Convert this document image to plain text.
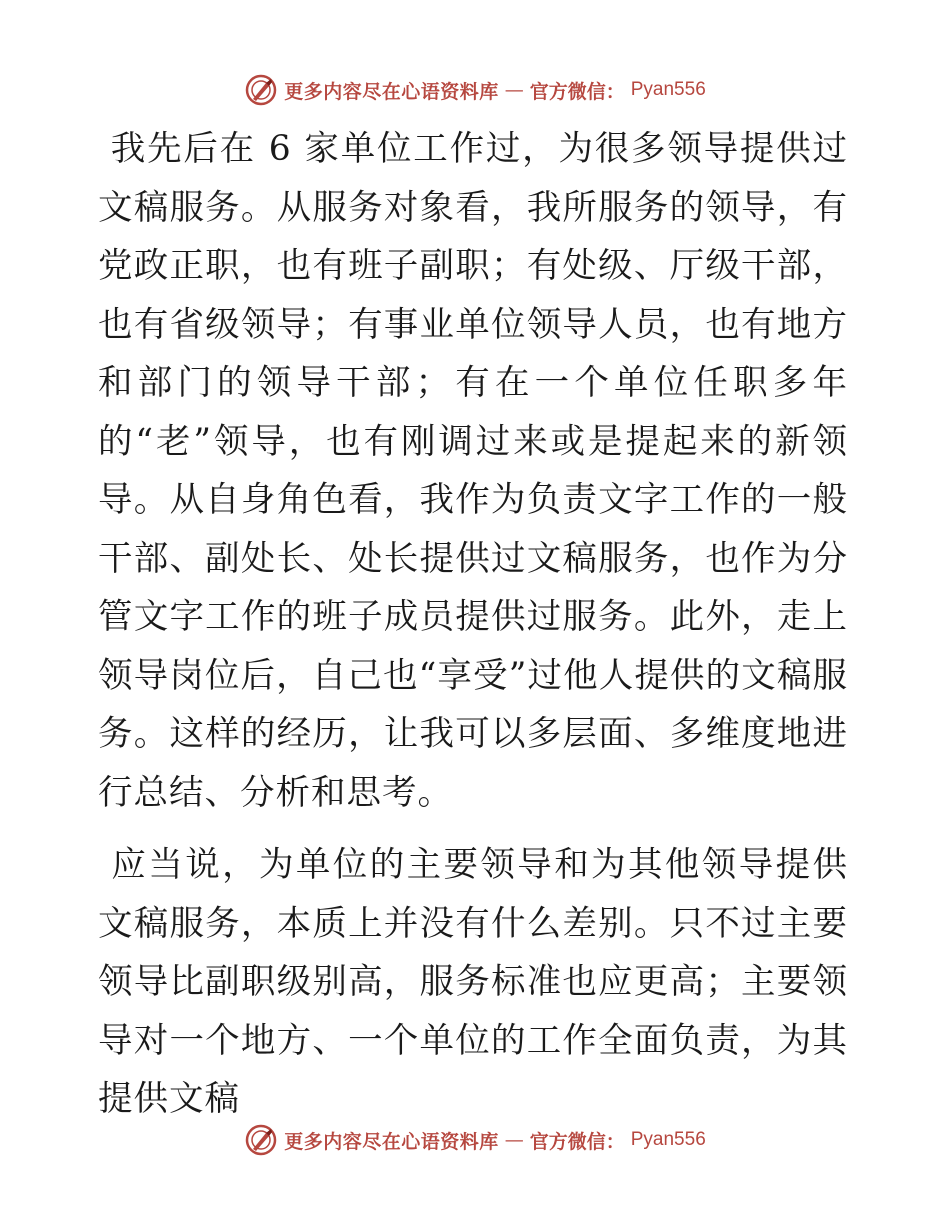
更多内容尽在心语资料库 — 官方微信： Pyan556

我先后在 6 家单位工作过，为很多领导提供过文稿服务。从服务对象看，我所服务的领导，有党政正职，也有班子副职；有处级、厅级干部，也有省级领导；有事业单位领导人员，也有地方和部门的领导干部；有在一个单位任职多年的“老”领导，也有刚调过来或是提起来的新领导。从自身角色看，我作为负责文字工作的一般干部、副处长、处长提供过文稿服务，也作为分管文字工作的班子成员提供过服务。此外，走上领导岗位后，自己也“享受”过他人提供的文稿服务。这样的经历，让我可以多层面、多维度地进行总结、分析和思考。

应当说，为单位的主要领导和为其他领导提供文稿服务，本质上并没有什么差别。只不过主要领导比副职级别高，服务标准也应更高；主要领导对一个地方、一个单位的工作全面负责，为其提供文稿

更多内容尽在心语资料库 — 官方微信： Pyan556
